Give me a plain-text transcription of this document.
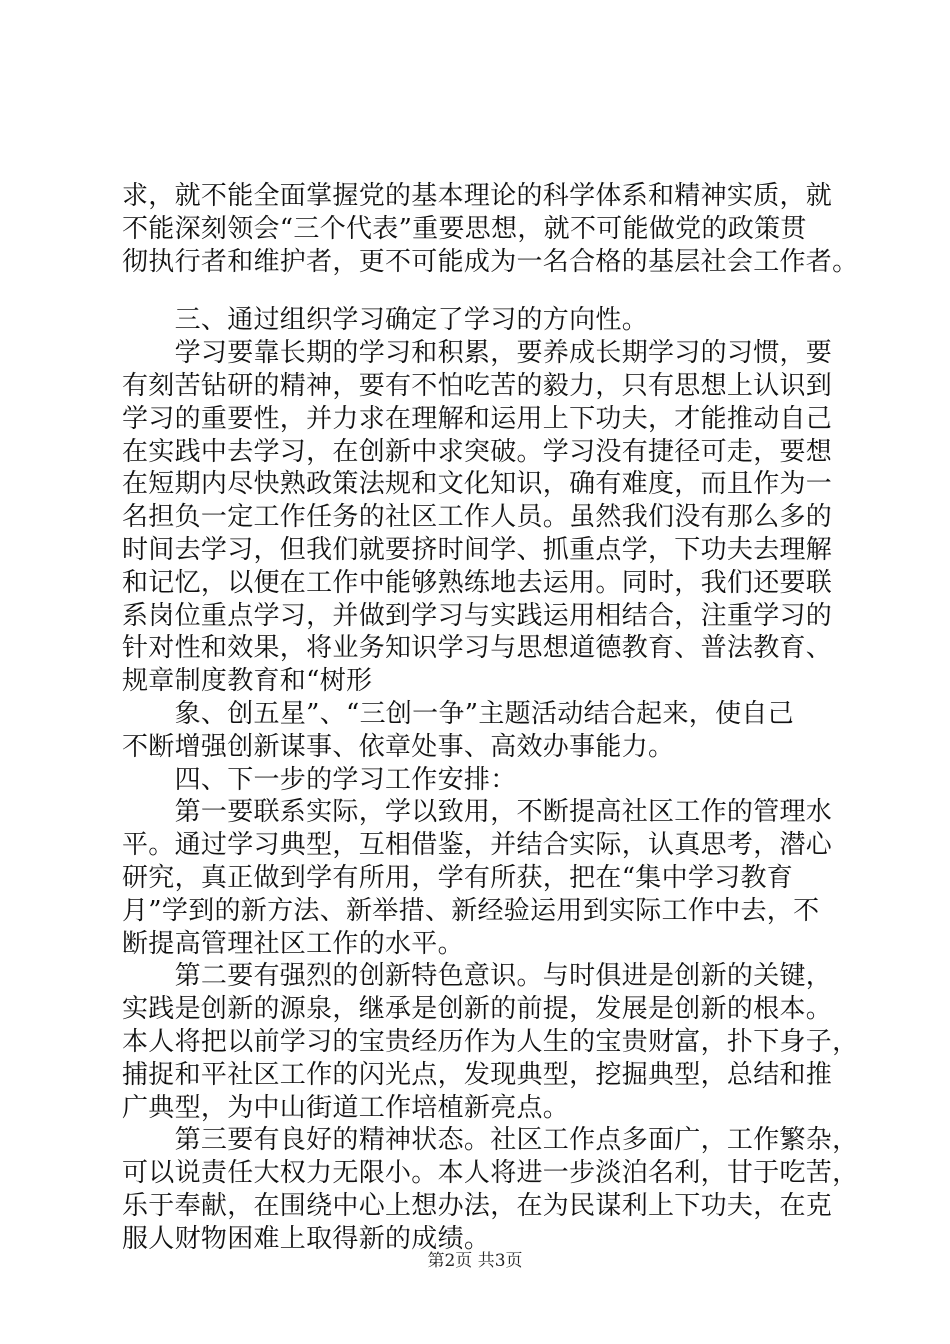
求，就不能全面掌握党的基本理论的科学体系和精神实质，就
不能深刻领会“三个代表”重要思想，就不可能做党的政策贯
彻执行者和维护者，更不可能成为一名合格的基层社会工作者。
　　三、通过组织学习确定了学习的方向性。
　　学习要靠长期的学习和积累，要养成长期学习的习惯，要
有刻苦钻研的精神，要有不怕吃苦的毅力，只有思想上认识到
学习的重要性，并力求在理解和运用上下功夫，才能推动自己
在实践中去学习，在创新中求突破。学习没有捷径可走，要想
在短期内尽快熟政策法规和文化知识，确有难度，而且作为一
名担负一定工作任务的社区工作人员。虽然我们没有那么多的
时间去学习，但我们就要挤时间学、抓重点学，下功夫去理解
和记忆，以便在工作中能够熟练地去运用。同时，我们还要联
系岗位重点学习，并做到学习与实践运用相结合，注重学习的
针对性和效果，将业务知识学习与思想道德教育、普法教育、
规章制度教育和“树形
　　象、创五星”、“三创一争”主题活动结合起来，使自己
不断增强创新谋事、依章处事、高效办事能力。
　　四、下一步的学习工作安排：
　　第一要联系实际，学以致用，不断提高社区工作的管理水
平。通过学习典型，互相借鉴，并结合实际，认真思考，潜心
研究，真正做到学有所用，学有所获，把在“集中学习教育
月”学到的新方法、新举措、新经验运用到实际工作中去，不
断提高管理社区工作的水平。
　　第二要有强烈的创新特色意识。与时俱进是创新的关键，
实践是创新的源泉，继承是创新的前提，发展是创新的根本。
本人将把以前学习的宝贵经历作为人生的宝贵财富，扑下身子，
捕捉和平社区工作的闪光点，发现典型，挖掘典型，总结和推
广典型，为中山街道工作培植新亮点。
　　第三要有良好的精神状态。社区工作点多面广，工作繁杂，
可以说责任大权力无限小。本人将进一步淡泊名利，甘于吃苦，
乐于奉献，在围绕中心上想办法，在为民谋利上下功夫，在克
服人财物困难上取得新的成绩。
第2页 共3页
